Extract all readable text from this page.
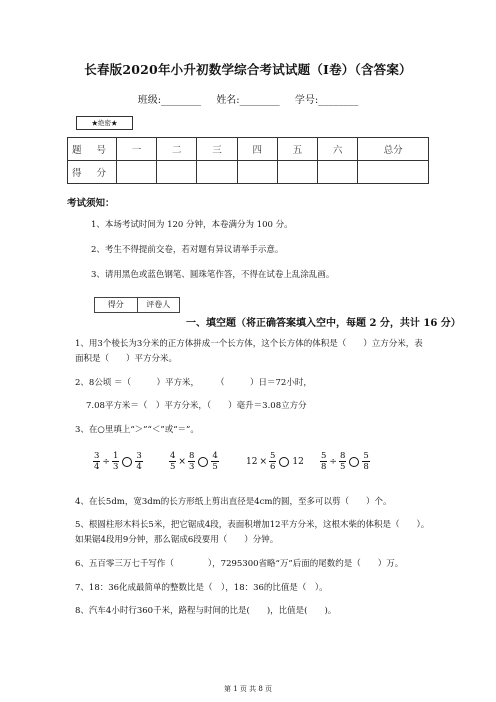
长春版2020年小升初数学综合考试试题（I卷）（含答案）
班级:________ 姓名:________ 学号:________
★绝密★
题 号	一	二	三	四	五	六	总分
得 分							
考试须知：
1、本场考试时间为 120 分钟，本卷满分为 100 分。
2、考生不得提前交卷，若对题有异议请举手示意。
3、请用黑色或蓝色钢笔、圆珠笔作答，不得在试卷上乱涂乱画。
得分	评卷人
一、填空题（将正确答案填入空中，每题 2 分，共计 16 分）
1、用3个棱长为3分米的正方体拼成一个长方体，这个长方体的体积是（　　）立方分米，表面积是（　　）平方分米。
2、8公顷 ＝（　　　）平方米，　　　（　　　）日＝72小时，
7.08平方米＝（　）平方分米，（　　）毫升＝3.08立方分
3、在○里填上“＞”“＜”或“＝”。
$\frac{3}{4} \div \frac{1}{3} \frac{3}{4}$	$\frac{4}{5} \times \frac{8}{3} \frac{4}{5}$	$12 \times \frac{5}{6} 12 \frac{5}{8} \div \frac{8}{5} \frac{5}{8}$
4、在长5dm，宽3dm的长方形纸上剪出直径是4cm的圆，至多可以剪（　　）个。
5、根圆柱形木料长5米，把它锯成4段，表面积增加12平方分米，这根木柴的体积是（　　）。如果锯4段用9分钟，那么锯成6段要用（　　）分钟。
6、五百零三万七千写作（　　　　），7295300省略“万”后面的尾数约是（　　）万。
7、18：36化成最简单的整数比是（　），18：36的比值是（　）。
8、汽车4小时行360千米，路程与时间的比是(　　)，比值是(　　)。
第 1 页 共 8 页
